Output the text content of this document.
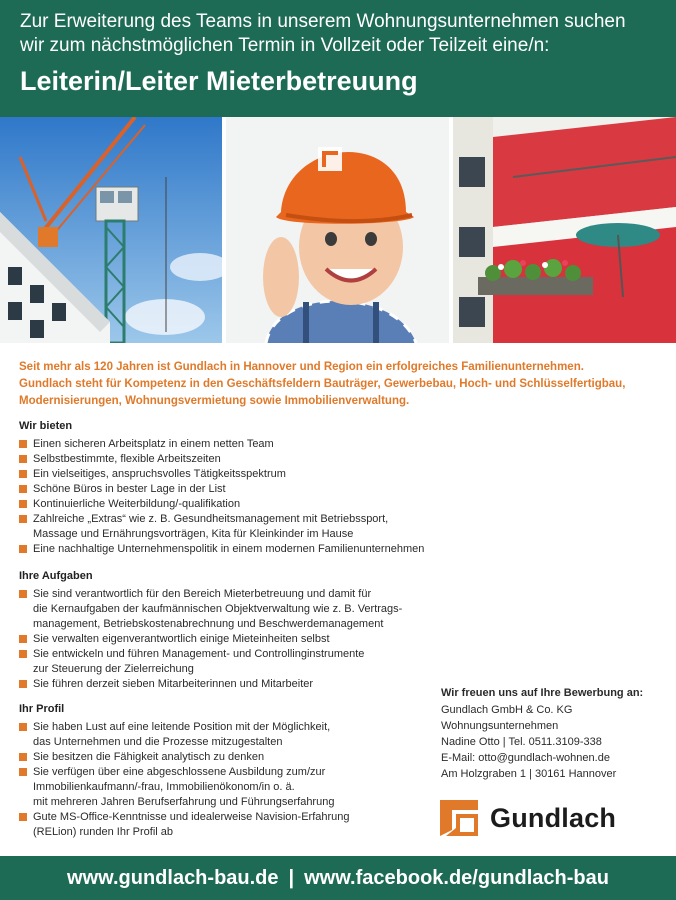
Zur Erweiterung des Teams in unserem Wohnungsunternehmen suchen
wir zum nächstmöglichen Termin in Vollzeit oder Teilzeit eine/n:
Leiterin/Leiter Mieterbetreuung
Seit mehr als 120 Jahren ist Gundlach in Hannover und Region ein erfolgreiches Familienunternehmen.
Gundlach steht für Kompetenz in den Geschäftsfeldern Bauträger, Gewerbebau, Hoch- und Schlüsselfertigbau,
Modernisierungen, Wohnungsvermietung sowie Immobilienverwaltung.
Wir bieten
Einen sicheren Arbeitsplatz in einem netten Team
Selbstbestimmte, flexible Arbeitszeiten
Ein vielseitiges, anspruchsvolles Tätigkeitsspektrum
Schöne Büros in bester Lage in der List
Kontinuierliche Weiterbildung/-qualifikation
Zahlreiche „Extras“ wie z. B. Gesundheitsmanagement mit Betriebssport,
Massage und Ernährungsvorträgen, Kita für Kleinkinder im Hause
Eine nachhaltige Unternehmenspolitik in einem modernen Familienunternehmen
Ihre Aufgaben
Sie sind verantwortlich für den Bereich Mieterbetreuung und damit für
die Kernaufgaben der kaufmännischen Objektverwaltung wie z. B. Vertrags-
management, Betriebskostenabrechnung und Beschwerdemanagement
Sie verwalten eigenverantwortlich einige Mieteinheiten selbst
Sie entwickeln und führen Management- und Controllinginstrumente
zur Steuerung der Zielerreichung
Sie führen derzeit sieben Mitarbeiterinnen und Mitarbeiter
Ihr Profil
Sie haben Lust auf eine leitende Position mit der Möglichkeit,
das Unternehmen und die Prozesse mitzugestalten
Sie besitzen die Fähigkeit analytisch zu denken
Sie verfügen über eine abgeschlossene Ausbildung zum/zur
Immobilienkaufmann/-frau, Immobilienökonom/in o. ä.
mit mehreren Jahren Berufserfahrung und Führungserfahrung
Gute MS-Office-Kenntnisse und idealerweise Navision-Erfahrung
(RELion) runden Ihr Profil ab
Wir freuen uns auf Ihre Bewerbung an:
Gundlach GmbH & Co. KG
Wohnungsunternehmen
Nadine Otto | Tel. 0511.3109-338
E-Mail: otto@gundlach-wohnen.de
Am Holzgraben 1 | 30161 Hannover
Gundlach
www.gundlach-bau.de | www.facebook.de/gundlach-bau
